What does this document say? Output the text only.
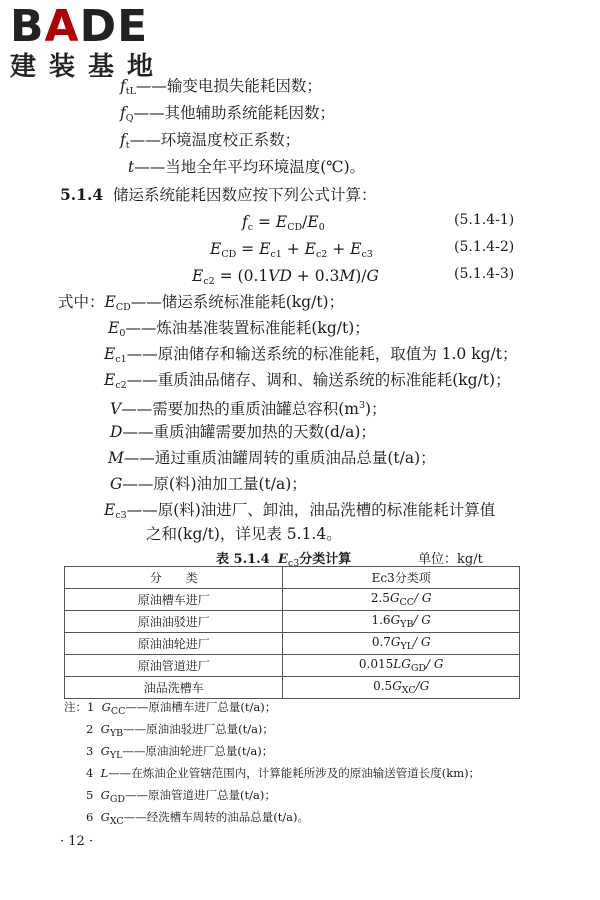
BADE
建装基地
$f_{tL}——$输变电损失能耗因数；
$f_Q——$其他辅助系统能耗因数；
$f_t——$环境温度校正系数；
t——当地全年平均环境温度(℃)。
5.1.4 储运系统能耗因数应按下列公式计算：
$f_c = E_{CD}/E_0$	(5.1.4-1)
$E_{CD} = E_{c1} + E_{c2} + E_{c3}$	(5.1.4-2)
$E_{c2} = (0.1VD + 0.3M)/G$	(5.1.4-3)
式中：$E_{CD}——$储运系统标准能耗(kg/t)；
$E_0——$炼油基准装置标准能耗(kg/t)；
$E_{c1}——$原油储存和输送系统的标准能耗，取值为 1.0 kg/t；
$E_{c2}——$重质油品储存、调和、输送系统的标准能耗(kg/t)；
V——需要加热的重质油罐总容积$(m^3)$；
D——重质油罐需要加热的天数(d/a)；
M——通过重质油罐周转的重质油品总量(t/a)；
G——原(料)油加工量(t/a)；
$E_{c3}——$原(料)油进厂、卸油，油品洗槽的标准能耗计算值
之和(kg/t)，详见表 5.1.4。
表 5.1.4 $E_{c3}$分类计算	单位：kg/t
分　　类	Ec3分类项
原油槽车进厂	$2.5G_{CC}/$ G
原油油驳进厂	$1.6G_{YB}/$ G
原油油轮进厂	$0.7G_{YL}/$ G
原油管道进厂	$0.015LG_{GD}/$ G
油品洗槽车	$0.5G_{XC}/G$
注：1 $G_{CC}——$原油槽车进厂总量(t/a)；
2 $G_{YB}——$原油油驳进厂总量(t/a)；
3 $G_{YL}——$原油油轮进厂总量(t/a)；
4 L——在炼油企业管辖范围内，计算能耗所涉及的原油输送管道长度(km)；
5 $G_{GD}——$原油管道进厂总量(t/a)；
6 $G_{XC}——$经洗槽车周转的油品总量(t/a)。
· 12 ·
